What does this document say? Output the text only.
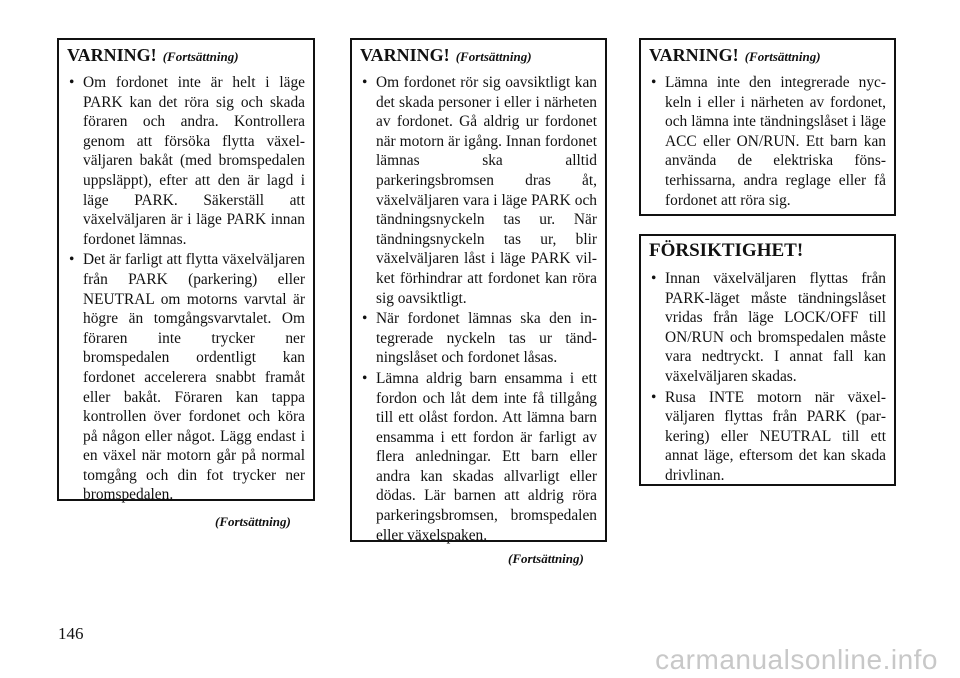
VARNING! (Fortsättning)
• Om fordonet inte är helt i läge PARK kan det röra sig och skada föraren och andra. Kontrollera genom att försöka flytta växelväljaren bakåt (med bromspedalen uppsläppt), efter att den är lagd i läge PARK. Säkerställ att växelväljaren är i läge PARK innan fordonet lämnas.
• Det är farligt att flytta växelväljaren från PARK (parkering) eller NEUTRAL om motorns varvtal är högre än tomgångsvarvtalet. Om föraren inte trycker ner bromspedalen ordentligt kan fordonet accelerera snabbt framåt eller bakåt. Föraren kan tappa kontrollen över fordonet och köra på någon eller något. Lägg endast i en växel när motorn går på normal tomgång och din fot trycker ner bromspedalen.
(Fortsättning)
VARNING! (Fortsättning)
• Om fordonet rör sig oavsiktligt kan det skada personer i eller i närheten av fordonet. Gå aldrig ur fordonet när motorn är igång. Innan fordonet lämnas ska alltid parkeringsbromsen dras åt, växelväljaren vara i läge PARK och tändningsnyckeln tas ur. När tändningsnyckeln tas ur, blir växelväljaren låst i läge PARK vilket förhindrar att fordonet kan röra sig oavsiktligt.
• När fordonet lämnas ska den integrerade nyckeln tas ur tändningslåset och fordonet låsas.
• Lämna aldrig barn ensamma i ett fordon och låt dem inte få tillgång till ett olåst fordon. Att lämna barn ensamma i ett fordon är farligt av flera anledningar. Ett barn eller andra kan skadas allvarligt eller dödas. Lär barnen att aldrig röra parkeringsbromsen, bromspedalen eller växelspaken.
(Fortsättning)
VARNING! (Fortsättning)
• Lämna inte den integrerade nyckeln i eller i närheten av fordonet, och lämna inte tändningslåset i läge ACC eller ON/RUN. Ett barn kan använda de elektriska fönsterhissarna, andra reglage eller få fordonet att röra sig.
FÖRSIKTIGHET!
• Innan växelväljaren flyttas från PARK-läget måste tändningslåset vridas från läge LOCK/OFF till ON/RUN och bromspedalen måste vara nedtryckt. I annat fall kan växelväljaren skadas.
• Rusa INTE motorn när växelväljaren flyttas från PARK (parkering) eller NEUTRAL till ett annat läge, eftersom det kan skada drivlinan.
146
carmanualsonline.info
